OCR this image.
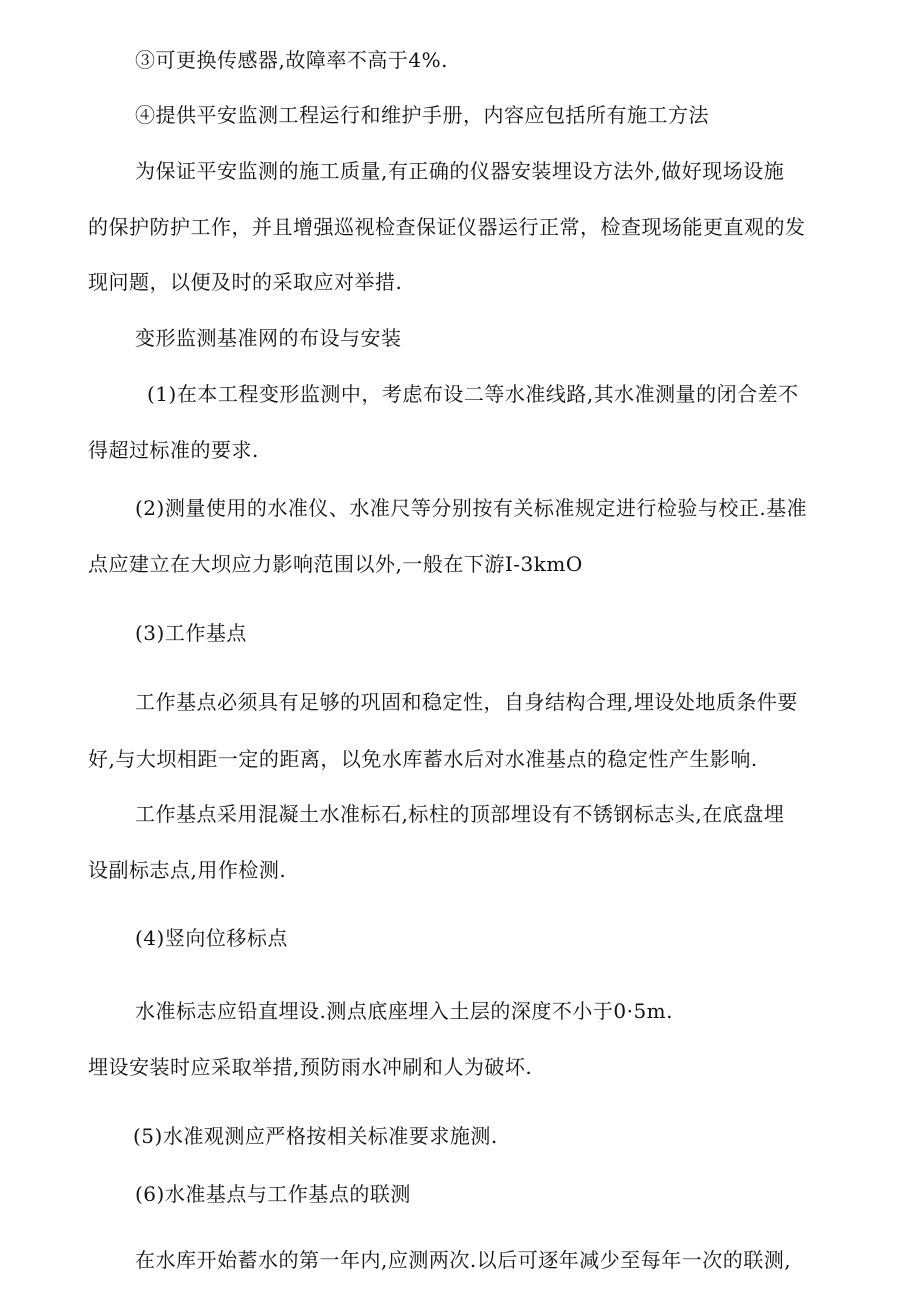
③可更换传感器,故障率不高于4%.
④提供平安监测工程运行和维护手册，内容应包括所有施工方法
为保证平安监测的施工质量,有正确的仪器安装埋设方法外,做好现场设施
的保护防护工作，并且增强巡视检查保证仪器运行正常，检查现场能更直观的发
现问题，以便及时的采取应对举措.
变形监测基准网的布设与安装
(1)在本工程变形监测中，考虑布设二等水准线路,其水准测量的闭合差不
得超过标准的要求.
(2)测量使用的水准仪、水准尺等分别按有关标准规定进行检验与校正.基准
点应建立在大坝应力影响范围以外,一般在下游I-3kmO
(3)工作基点
工作基点必须具有足够的巩固和稳定性，自身结构合理,埋设处地质条件要
好,与大坝相距一定的距离，以免水库蓄水后对水准基点的稳定性产生影响.
工作基点采用混凝土水准标石,标柱的顶部埋设有不锈钢标志头,在底盘埋
设副标志点,用作检测.
(4)竖向位移标点
水准标志应铅直埋设.测点底座埋入土层的深度不小于0·5m.
埋设安装时应采取举措,预防雨水冲刷和人为破坏.
(5)水准观测应严格按相关标准要求施测.
(6)水准基点与工作基点的联测
在水库开始蓄水的第一年内,应测两次.以后可逐年减少至每年一次的联测,
